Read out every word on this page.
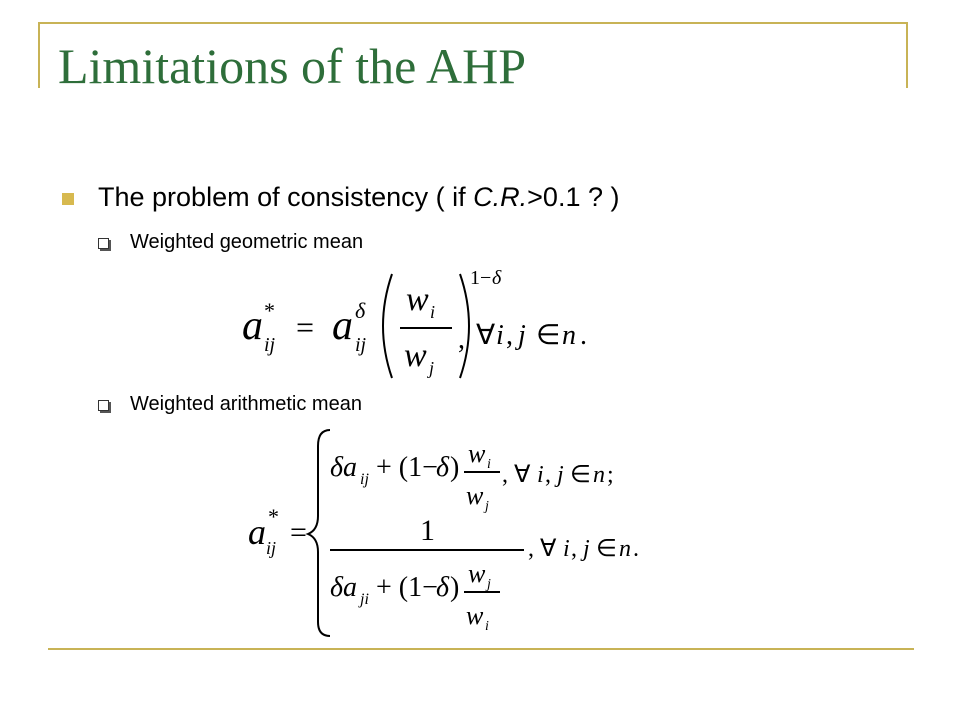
Limitations of the AHP
The problem of consistency ( if C.R.>0.1 ? )
Weighted geometric mean
Weighted arithmetic mean
a *
ij = a δ
ij
w i
w j
1− δ
, ∀ i , j ∈ n .
a *
ij =
δa ij + (1−
δ ) w i
w j
, ∀ i , j ∈ n ;
1
δa ji + (1−
δ ) w j
w i
, ∀ i , j ∈ n .
